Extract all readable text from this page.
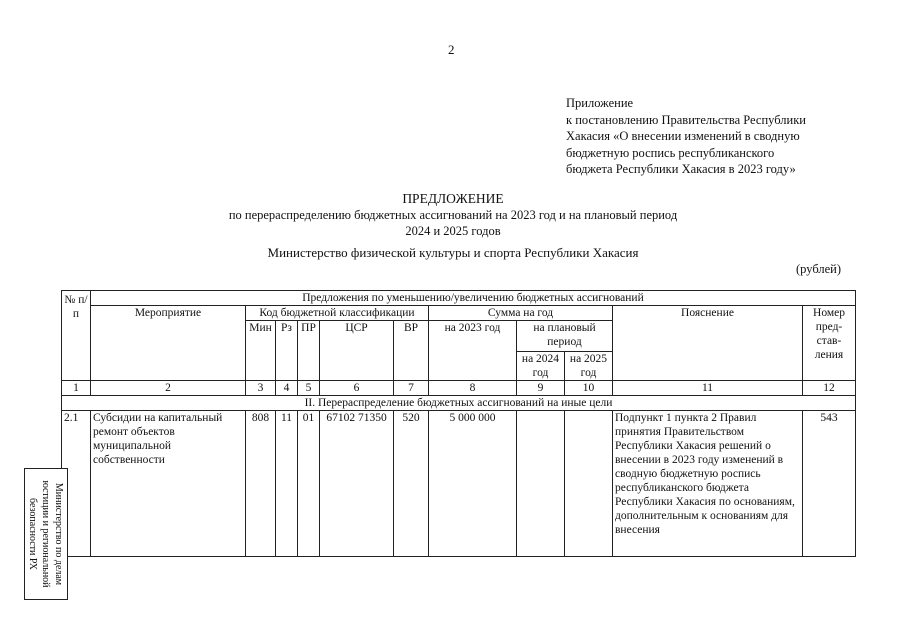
2
Приложение
к постановлению Правительства Республики
Хакасия «О внесении изменений в сводную
бюджетную роспись республиканского
бюджета Республики Хакасия в 2023 году»
ПРЕДЛОЖЕНИЕ
по перераспределению бюджетных ассигнований на 2023 год и на плановый период
2024 и 2025 годов
Министерство физической культуры и спорта Республики Хакасия
(рублей)
№ п/п	Предложения по уменьшению/увеличению бюджетных ассигнований										
	Мероприятие	Код бюджетной классификации					Сумма на год			Пояснение	Номер пред-став-ления
		Мин	Рз	ПР	ЦСР	ВР	на 2023 год	на плановый период			
								на 2024 год	на 2025 год		
1	2	3	4	5	6	7	8	9	10	11	12
II. Перераспределение бюджетных ассигнований на иные цели											
2.1	Субсидии на капитальный ремонт объектов муниципальной собственности	808	11	01	67102 71350	520	5 000 000			Подпункт 1 пункта 2 Правил принятия Правительством Республики Хакасия решений о внесении в 2023 году изменений в сводную бюджетную роспись республиканского бюджета Республики Хакасия по основаниям, дополнительным к основаниям для внесения	543
Министерство по делам
юстиции и региональной
безопасности РХ
